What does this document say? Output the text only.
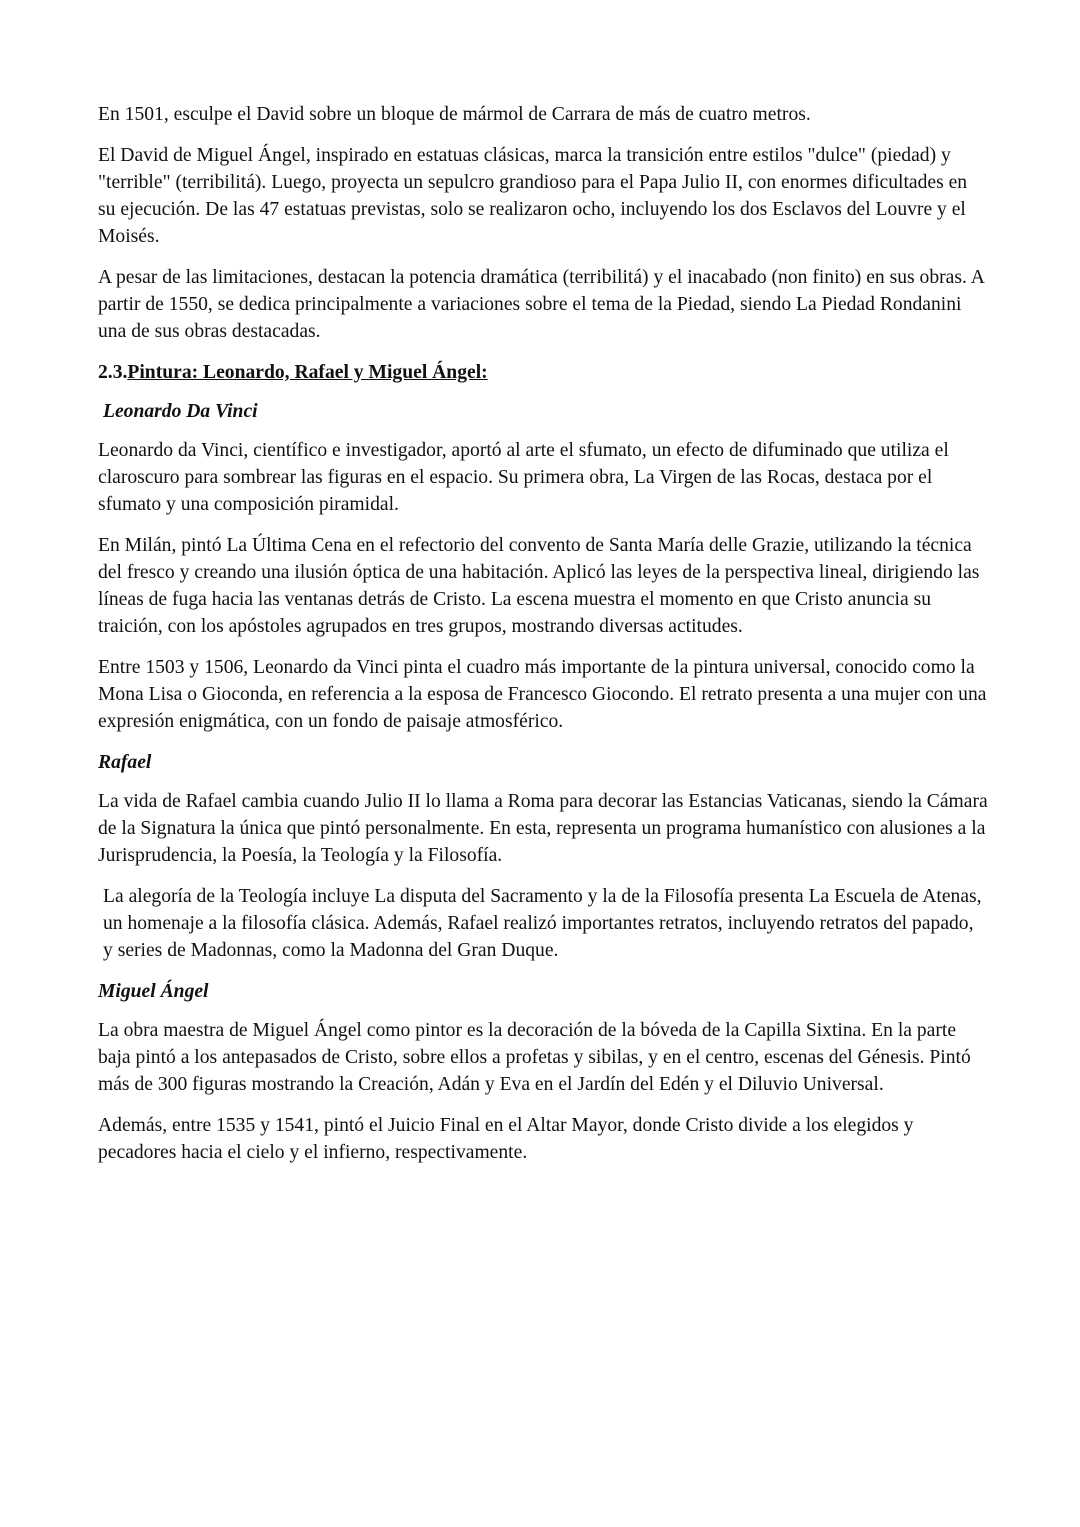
En 1501, esculpe el David sobre un bloque de mármol de Carrara de más de cuatro metros.

El David de Miguel Ángel, inspirado en estatuas clásicas, marca la transición entre estilos "dulce" (piedad) y "terrible" (terribilitá). Luego, proyecta un sepulcro grandioso para el Papa Julio II, con enormes dificultades en su ejecución. De las 47 estatuas previstas, solo se realizaron ocho, incluyendo los dos Esclavos del Louvre y el Moisés.

A pesar de las limitaciones, destacan la potencia dramática (terribilitá) y el inacabado (non finito) en sus obras. A partir de 1550, se dedica principalmente a variaciones sobre el tema de la Piedad, siendo La Piedad Rondanini una de sus obras destacadas.

2.3.Pintura: Leonardo, Rafael y Miguel Ángel:

Leonardo Da Vinci

Leonardo da Vinci, científico e investigador, aportó al arte el sfumato, un efecto de difuminado que utiliza el claroscuro para sombrear las figuras en el espacio. Su primera obra, La Virgen de las Rocas, destaca por el sfumato y una composición piramidal.

En Milán, pintó La Última Cena en el refectorio del convento de Santa María delle Grazie, utilizando la técnica del fresco y creando una ilusión óptica de una habitación. Aplicó las leyes de la perspectiva lineal, dirigiendo las líneas de fuga hacia las ventanas detrás de Cristo. La escena muestra el momento en que Cristo anuncia su traición, con los apóstoles agrupados en tres grupos, mostrando diversas actitudes.

Entre 1503 y 1506, Leonardo da Vinci pinta el cuadro más importante de la pintura universal, conocido como la Mona Lisa o Gioconda, en referencia a la esposa de Francesco Giocondo. El retrato presenta a una mujer con una expresión enigmática, con un fondo de paisaje atmosférico.

Rafael

La vida de Rafael cambia cuando Julio II lo llama a Roma para decorar las Estancias Vaticanas, siendo la Cámara de la Signatura la única que pintó personalmente. En esta, representa un programa humanístico con alusiones a la Jurisprudencia, la Poesía, la Teología y la Filosofía.

La alegoría de la Teología incluye La disputa del Sacramento y la de la Filosofía presenta La Escuela de Atenas, un homenaje a la filosofía clásica. Además, Rafael realizó importantes retratos, incluyendo retratos del papado, y series de Madonnas, como la Madonna del Gran Duque.

Miguel Ángel

La obra maestra de Miguel Ángel como pintor es la decoración de la bóveda de la Capilla Sixtina. En la parte baja pintó a los antepasados de Cristo, sobre ellos a profetas y sibilas, y en el centro, escenas del Génesis. Pintó más de 300 figuras mostrando la Creación, Adán y Eva en el Jardín del Edén y el Diluvio Universal.

Además, entre 1535 y 1541, pintó el Juicio Final en el Altar Mayor, donde Cristo divide a los elegidos y pecadores hacia el cielo y el infierno, respectivamente.
